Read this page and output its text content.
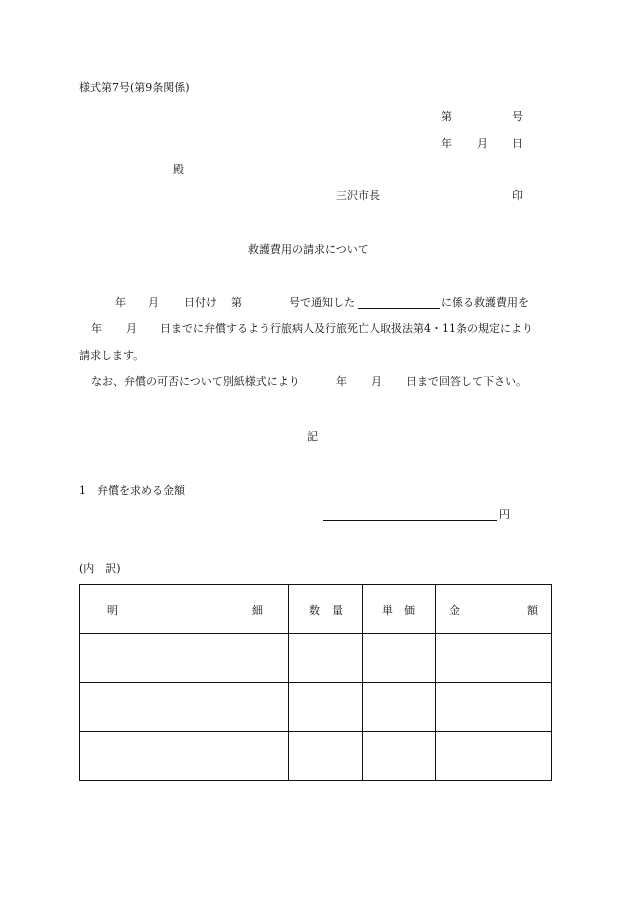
様式第7号(第9条関係)
第	号
年 月 日
殿
三沢市長	印
救護費用の請求について
年 月 日付け 第	号で通知した	に係る救護費用を
年 月 日までに弁償するよう行旅病人及行旅死亡人取扱法第4・11条の規定により
請求します。
なお、弁償の可否について別紙様式により	年 月 日まで回答して下さい。
記
1　弁償を求める金額
円
(内　訳)
明 細	数 量	単 価	金 額
